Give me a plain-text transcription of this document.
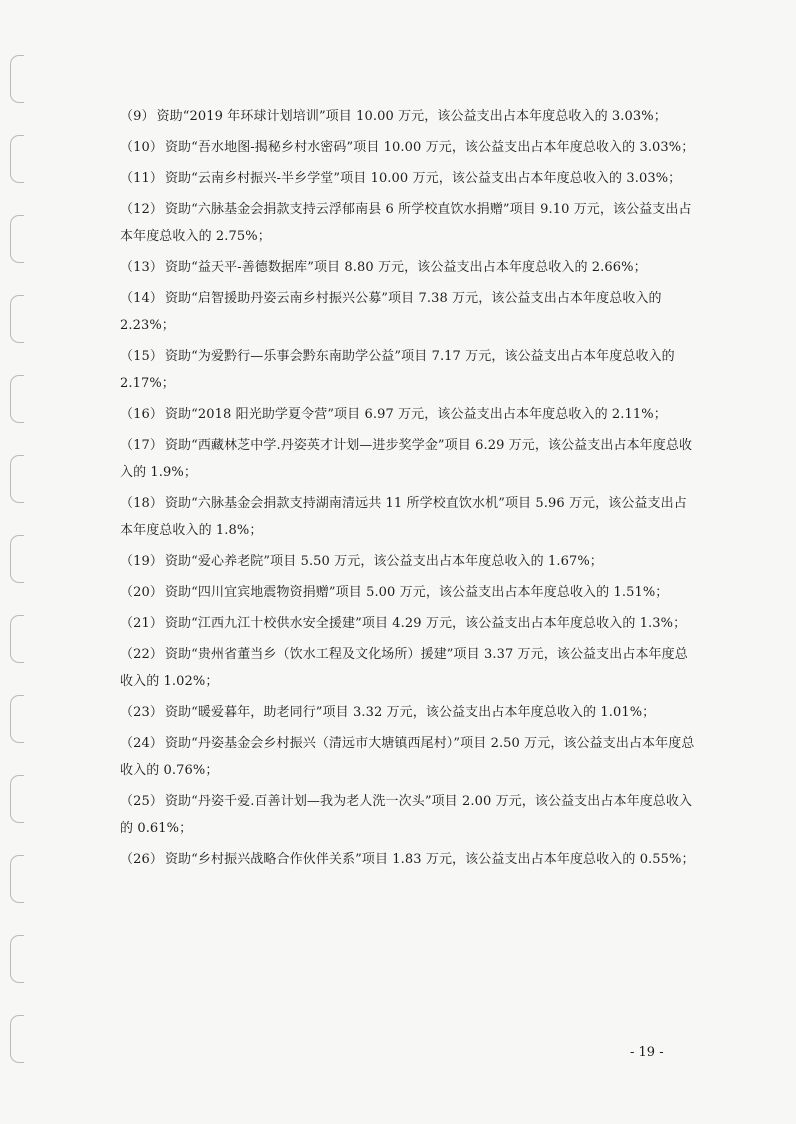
（9） 资助“2019 年环球计划培训”项目 10.00 万元，该公益支出占本年度总收入的 3.03%；

（10） 资助“吾水地图-揭秘乡村水密码”项目 10.00 万元，该公益支出占本年度总收入的 3.03%；

（11） 资助“云南乡村振兴-半乡学堂”项目 10.00 万元，该公益支出占本年度总收入的 3.03%；

（12） 资助“六脉基金会捐款支持云浮郁南县 6 所学校直饮水捐赠”项目 9.10 万元，该公益支出占本年度总收入的 2.75%；

（13） 资助“益天平-善德数据库”项目 8.80 万元，该公益支出占本年度总收入的 2.66%；

（14） 资助“启智援助丹姿云南乡村振兴公募”项目 7.38 万元，该公益支出占本年度总收入的 2.23%；

（15） 资助“为爱黔行—乐事会黔东南助学公益”项目 7.17 万元，该公益支出占本年度总收入的 2.17%；

（16） 资助“2018 阳光助学夏令营”项目 6.97 万元，该公益支出占本年度总收入的 2.11%；

（17） 资助“西藏林芝中学.丹姿英才计划—进步奖学金”项目 6.29 万元，该公益支出占本年度总收入的 1.9%；

（18） 资助“六脉基金会捐款支持湖南清远共 11 所学校直饮水机”项目 5.96 万元，该公益支出占本年度总收入的 1.8%；

（19） 资助“爱心养老院”项目 5.50 万元，该公益支出占本年度总收入的 1.67%；

（20） 资助“四川宜宾地震物资捐赠”项目 5.00 万元，该公益支出占本年度总收入的 1.51%；

（21） 资助“江西九江十校供水安全援建”项目 4.29 万元，该公益支出占本年度总收入的 1.3%；

（22） 资助“贵州省董当乡（饮水工程及文化场所）援建”项目 3.37 万元，该公益支出占本年度总收入的 1.02%；

（23） 资助“暖爱暮年，助老同行”项目 3.32 万元，该公益支出占本年度总收入的 1.01%；

（24） 资助“丹姿基金会乡村振兴（清远市大塘镇西尾村）”项目 2.50 万元，该公益支出占本年度总收入的 0.76%；

（25） 资助“丹姿千爱.百善计划—我为老人洗一次头”项目 2.00 万元，该公益支出占本年度总收入的 0.61%；

（26） 资助“乡村振兴战略合作伙伴关系”项目 1.83 万元，该公益支出占本年度总收入的 0.55%；

- 19 -
